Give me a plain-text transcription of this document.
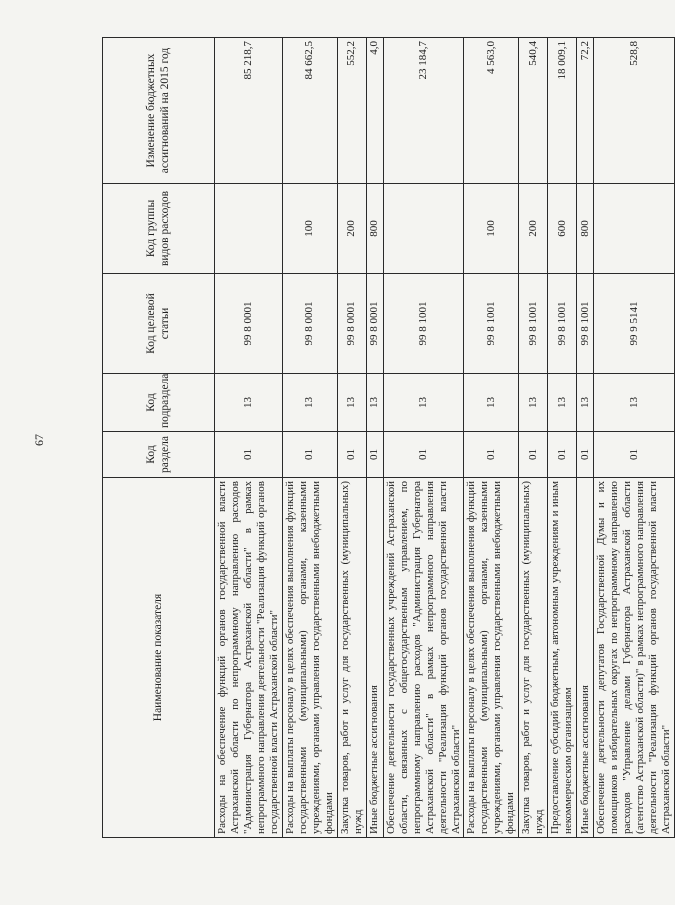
67
Наименование показателя	Код раздела	Код подраздела	Код целевой статьи	Код группы видов расходов	Изменение бюджетных ассигнований на 2015 год
Расходы на обеспечение функций органов государственной власти Астраханской области по непрограммному направлению расходов "Администрация Губернатора Астраханской области" в рамках непрограммного направления деятельности "Реализация функций органов государственной власти Астраханской области"	01	13	99 8 0001		85 218,7
Расходы на выплаты персоналу в целях обеспечения выполнения функций государственными (муниципальными) органами, казенными учреждениями, органами управления государственными внебюджетными фондами	01	13	99 8 0001	100	84 662,5
Закупка товаров, работ и услуг для государственных (муниципальных) нужд	01	13	99 8 0001	200	552,2
Иные бюджетные ассигнования	01	13	99 8 0001	800	4,0
Обеспечение деятельности государственных учреждений Астраханской области, связанных с общегосударственным управлением, по непрограммному направлению расходов "Администрация Губернатора Астраханской области" в рамках непрограммного направления деятельности "Реализация функций органов государственной власти Астраханской области"	01	13	99 8 1001		23 184,7
Расходы на выплаты персоналу в целях обеспечения выполнения функций государственными (муниципальными) органами, казенными учреждениями, органами управления государственными внебюджетными фондами	01	13	99 8 1001	100	4 563,0
Закупка товаров, работ и услуг для государственных (муниципальных) нужд	01	13	99 8 1001	200	540,4
Предоставление субсидий бюджетным, автономным учреждениям и иным некоммерческим организациям	01	13	99 8 1001	600	18 009,1
Иные бюджетные ассигнования	01	13	99 8 1001	800	72,2
Обеспечение деятельности депутатов Государственной Думы и их помощников в избирательных округах по непрограммному направлению расходов "Управление делами Губернатора Астраханской области (агентство Астраханской области)" в рамках непрограммного направления деятельности "Реализация функций органов государственной власти Астраханской области"	01	13	99 9 5141		528,8
